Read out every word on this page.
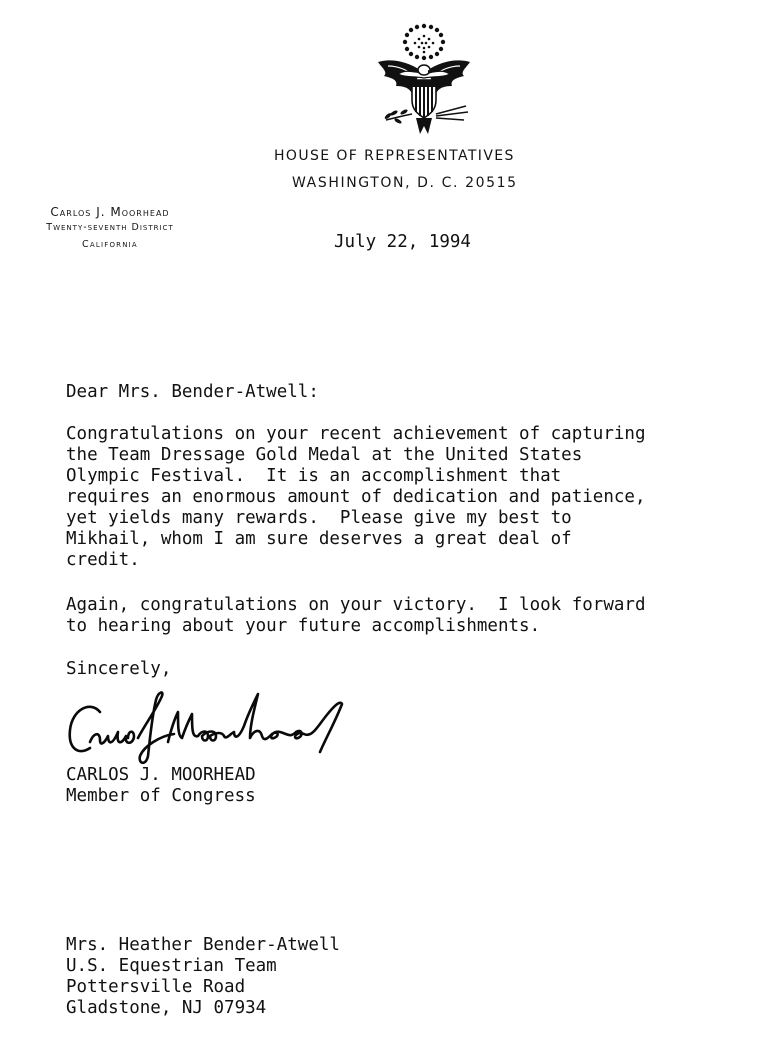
HOUSE OF REPRESENTATIVES
WASHINGTON, D. C. 20515
Carlos J. Moorhead
Twenty-seventh District
California	July 22, 1994
Dear Mrs. Bender-Atwell:
Congratulations on your recent achievement of capturing
the Team Dressage Gold Medal at the United States
Olympic Festival.  It is an accomplishment that
requires an enormous amount of dedication and patience,
yet yields many rewards.  Please give my best to
Mikhail, whom I am sure deserves a great deal of
credit.
Again, congratulations on your victory.  I look forward
to hearing about your future accomplishments.
Sincerely,
CARLOS J. MOORHEAD
Member of Congress
Mrs. Heather Bender-Atwell
U.S. Equestrian Team
Pottersville Road
Gladstone, NJ 07934
